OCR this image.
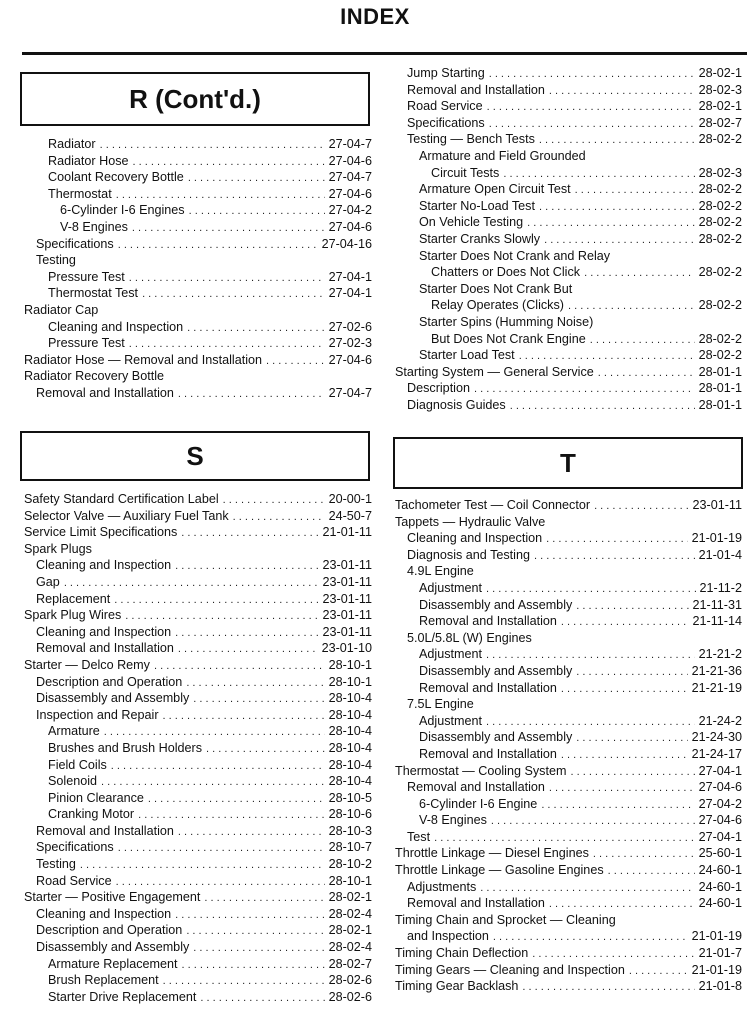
INDEX
R (Cont'd.)
Radiator . . .	27-04-7
Radiator Hose . . .	27-04-6
Coolant Recovery Bottle . . .	27-04-7
Thermostat . . .	27-04-6
6-Cylinder I-6 Engines . . .	27-04-2
V-8 Engines . . .	27-04-6
Specifications . . .	27-04-16
Testing
Pressure Test . . .	27-04-1
Thermostat Test . . .	27-04-1
Radiator Cap
Cleaning and Inspection . . .	27-02-6
Pressure Test . . .	27-02-3
Radiator Hose — Removal and Installation . . .	27-04-6
Radiator Recovery Bottle
Removal and Installation . . .	27-04-7
S
Safety Standard Certification Label . . .	20-00-1
Selector Valve — Auxiliary Fuel Tank . . .	24-50-7
Service Limit Specifications . . .	21-01-11
Spark Plugs
Cleaning and Inspection . . .	23-01-11
Gap . . .	23-01-11
Replacement . . .	23-01-11
Spark Plug Wires . . .	23-01-11
Cleaning and Inspection . . .	23-01-11
Removal and Installation . . .	23-01-10
Starter — Delco Remy . . .	28-10-1
Description and Operation . . .	28-10-1
Disassembly and Assembly . . .	28-10-4
Inspection and Repair . . .	28-10-4
Armature . . .	28-10-4
Brushes and Brush Holders . . .	28-10-4
Field Coils . . .	28-10-4
Solenoid . . .	28-10-4
Pinion Clearance . . .	28-10-5
Cranking Motor . . .	28-10-6
Removal and Installation . . .	28-10-3
Specifications . . .	28-10-7
Testing . . .	28-10-2
Road Service . . .	28-10-1
Starter — Positive Engagement . . .	28-02-1
Cleaning and Inspection . . .	28-02-4
Description and Operation . . .	28-02-1
Disassembly and Assembly . . .	28-02-4
Armature Replacement . . .	28-02-7
Brush Replacement . . .	28-02-6
Starter Drive Replacement . . .	28-02-6
Jump Starting . . .	28-02-1
Removal and Installation . . .	28-02-3
Road Service . . .	28-02-1
Specifications . . .	28-02-7
Testing — Bench Tests . . .	28-02-2
Armature and Field Grounded
Circuit Tests . . .	28-02-3
Armature Open Circuit Test . . .	28-02-2
Starter No-Load Test . . .	28-02-2
On Vehicle Testing . . .	28-02-2
Starter Cranks Slowly . . .	28-02-2
Starter Does Not Crank and Relay
Chatters or Does Not Click . . .	28-02-2
Starter Does Not Crank But
Relay Operates (Clicks) . . .	28-02-2
Starter Spins (Humming Noise)
But Does Not Crank Engine . . .	28-02-2
Starter Load Test . . .	28-02-2
Starting System — General Service . . .	28-01-1
Description . . .	28-01-1
Diagnosis Guides . . .	28-01-1
T
Tachometer Test — Coil Connector . . .	23-01-11
Tappets — Hydraulic Valve
Cleaning and Inspection . . .	21-01-19
Diagnosis and Testing . . .	21-01-4
4.9L Engine
Adjustment . . .	21-11-2
Disassembly and Assembly . . .	21-11-31
Removal and Installation . . .	21-11-14
5.0L/5.8L (W) Engines
Adjustment . . .	21-21-2
Disassembly and Assembly . . .	21-21-36
Removal and Installation . . .	21-21-19
7.5L Engine
Adjustment . . .	21-24-2
Disassembly and Assembly . . .	21-24-30
Removal and Installation . . .	21-24-17
Thermostat — Cooling System . . .	27-04-1
Removal and Installation . . .	27-04-6
6-Cylinder I-6 Engine . . .	27-04-2
V-8 Engines . . .	27-04-6
Test . . .	27-04-1
Throttle Linkage — Diesel Engines . . .	25-60-1
Throttle Linkage — Gasoline Engines . . .	24-60-1
Adjustments . . .	24-60-1
Removal and Installation . . .	24-60-1
Timing Chain and Sprocket — Cleaning
and Inspection . . .	21-01-19
Timing Chain Deflection . . .	21-01-7
Timing Gears — Cleaning and Inspection . . .	21-01-19
Timing Gear Backlash . . .	21-01-8
